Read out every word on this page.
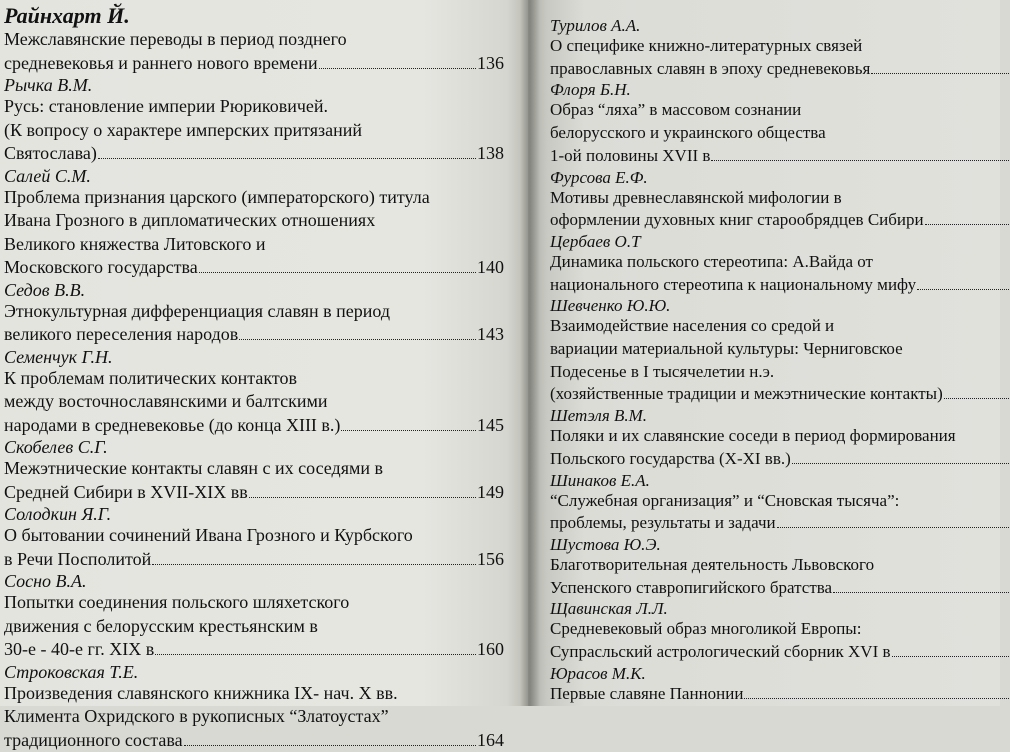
Райнхарт Й.
Межславянские переводы в период позднего
средневековья и раннего нового времени	136
Рычка В.М.
Русь: становление империи Рюриковичей.
(К вопросу о характере имперских притязаний
Святослава)	138
Салей С.М.
Проблема признания царского (императорского) титула
Ивана Грозного в дипломатических отношениях
Великого княжества Литовского и
Московского государства	140
Седов В.В.
Этнокультурная дифференциация славян в период
великого переселения народов	143
Семенчук Г.Н.
К проблемам политических контактов
между восточнославянскими и балтскими
народами в средневековье (до конца XIII в.)	145
Скобелев С.Г.
Межэтнические контакты славян с их соседями в
Средней Сибири в XVII-XIX вв	149
Солодкин Я.Г.
О бытовании сочинений Ивана Грозного и Курбского
в Речи Посполитой	156
Сосно В.А.
Попытки соединения польского шляхетского
движения с белорусским крестьянским в
30-е - 40-е гг. XIX в	160
Строковская Т.Е.
Произведения славянского книжника IX- нач. X вв.
Климента Охридского в рукописных “Златоустах”
традиционного состава	164
Турилов А.А.
О специфике книжно-литературных связей
православных славян в эпоху средневековья
Флоря Б.Н.
Образ “ляха” в массовом сознании
белорусского и украинского общества
1-ой половины XVII в
Фурсова Е.Ф.
Мотивы древнеславянской мифологии в
оформлении духовных книг старообрядцев Сибири
Цербаев О.Т
Динамика польского стереотипа: А.Вайда от
национального стереотипа к национальному мифу
Шевченко Ю.Ю.
Взаимодействие населения со средой и
вариации материальной культуры: Черниговское
Подесенье в I тысячелетии н.э.
(хозяйственные традиции и межэтнические контакты)
Шетэля В.М.
Поляки и их славянские соседи в период формирования
Польского государства (X-XI вв.)
Шинаков Е.А.
“Служебная организация” и “Сновская тысяча”:
проблемы, результаты и задачи
Шустова Ю.Э.
Благотворительная деятельность Львовского
Успенского ставропигийского братства
Щавинская Л.Л.
Средневековый образ многоликой Европы:
Супрасльский астрологический сборник XVI в
Юрасов М.К.
Первые славяне Паннонии
